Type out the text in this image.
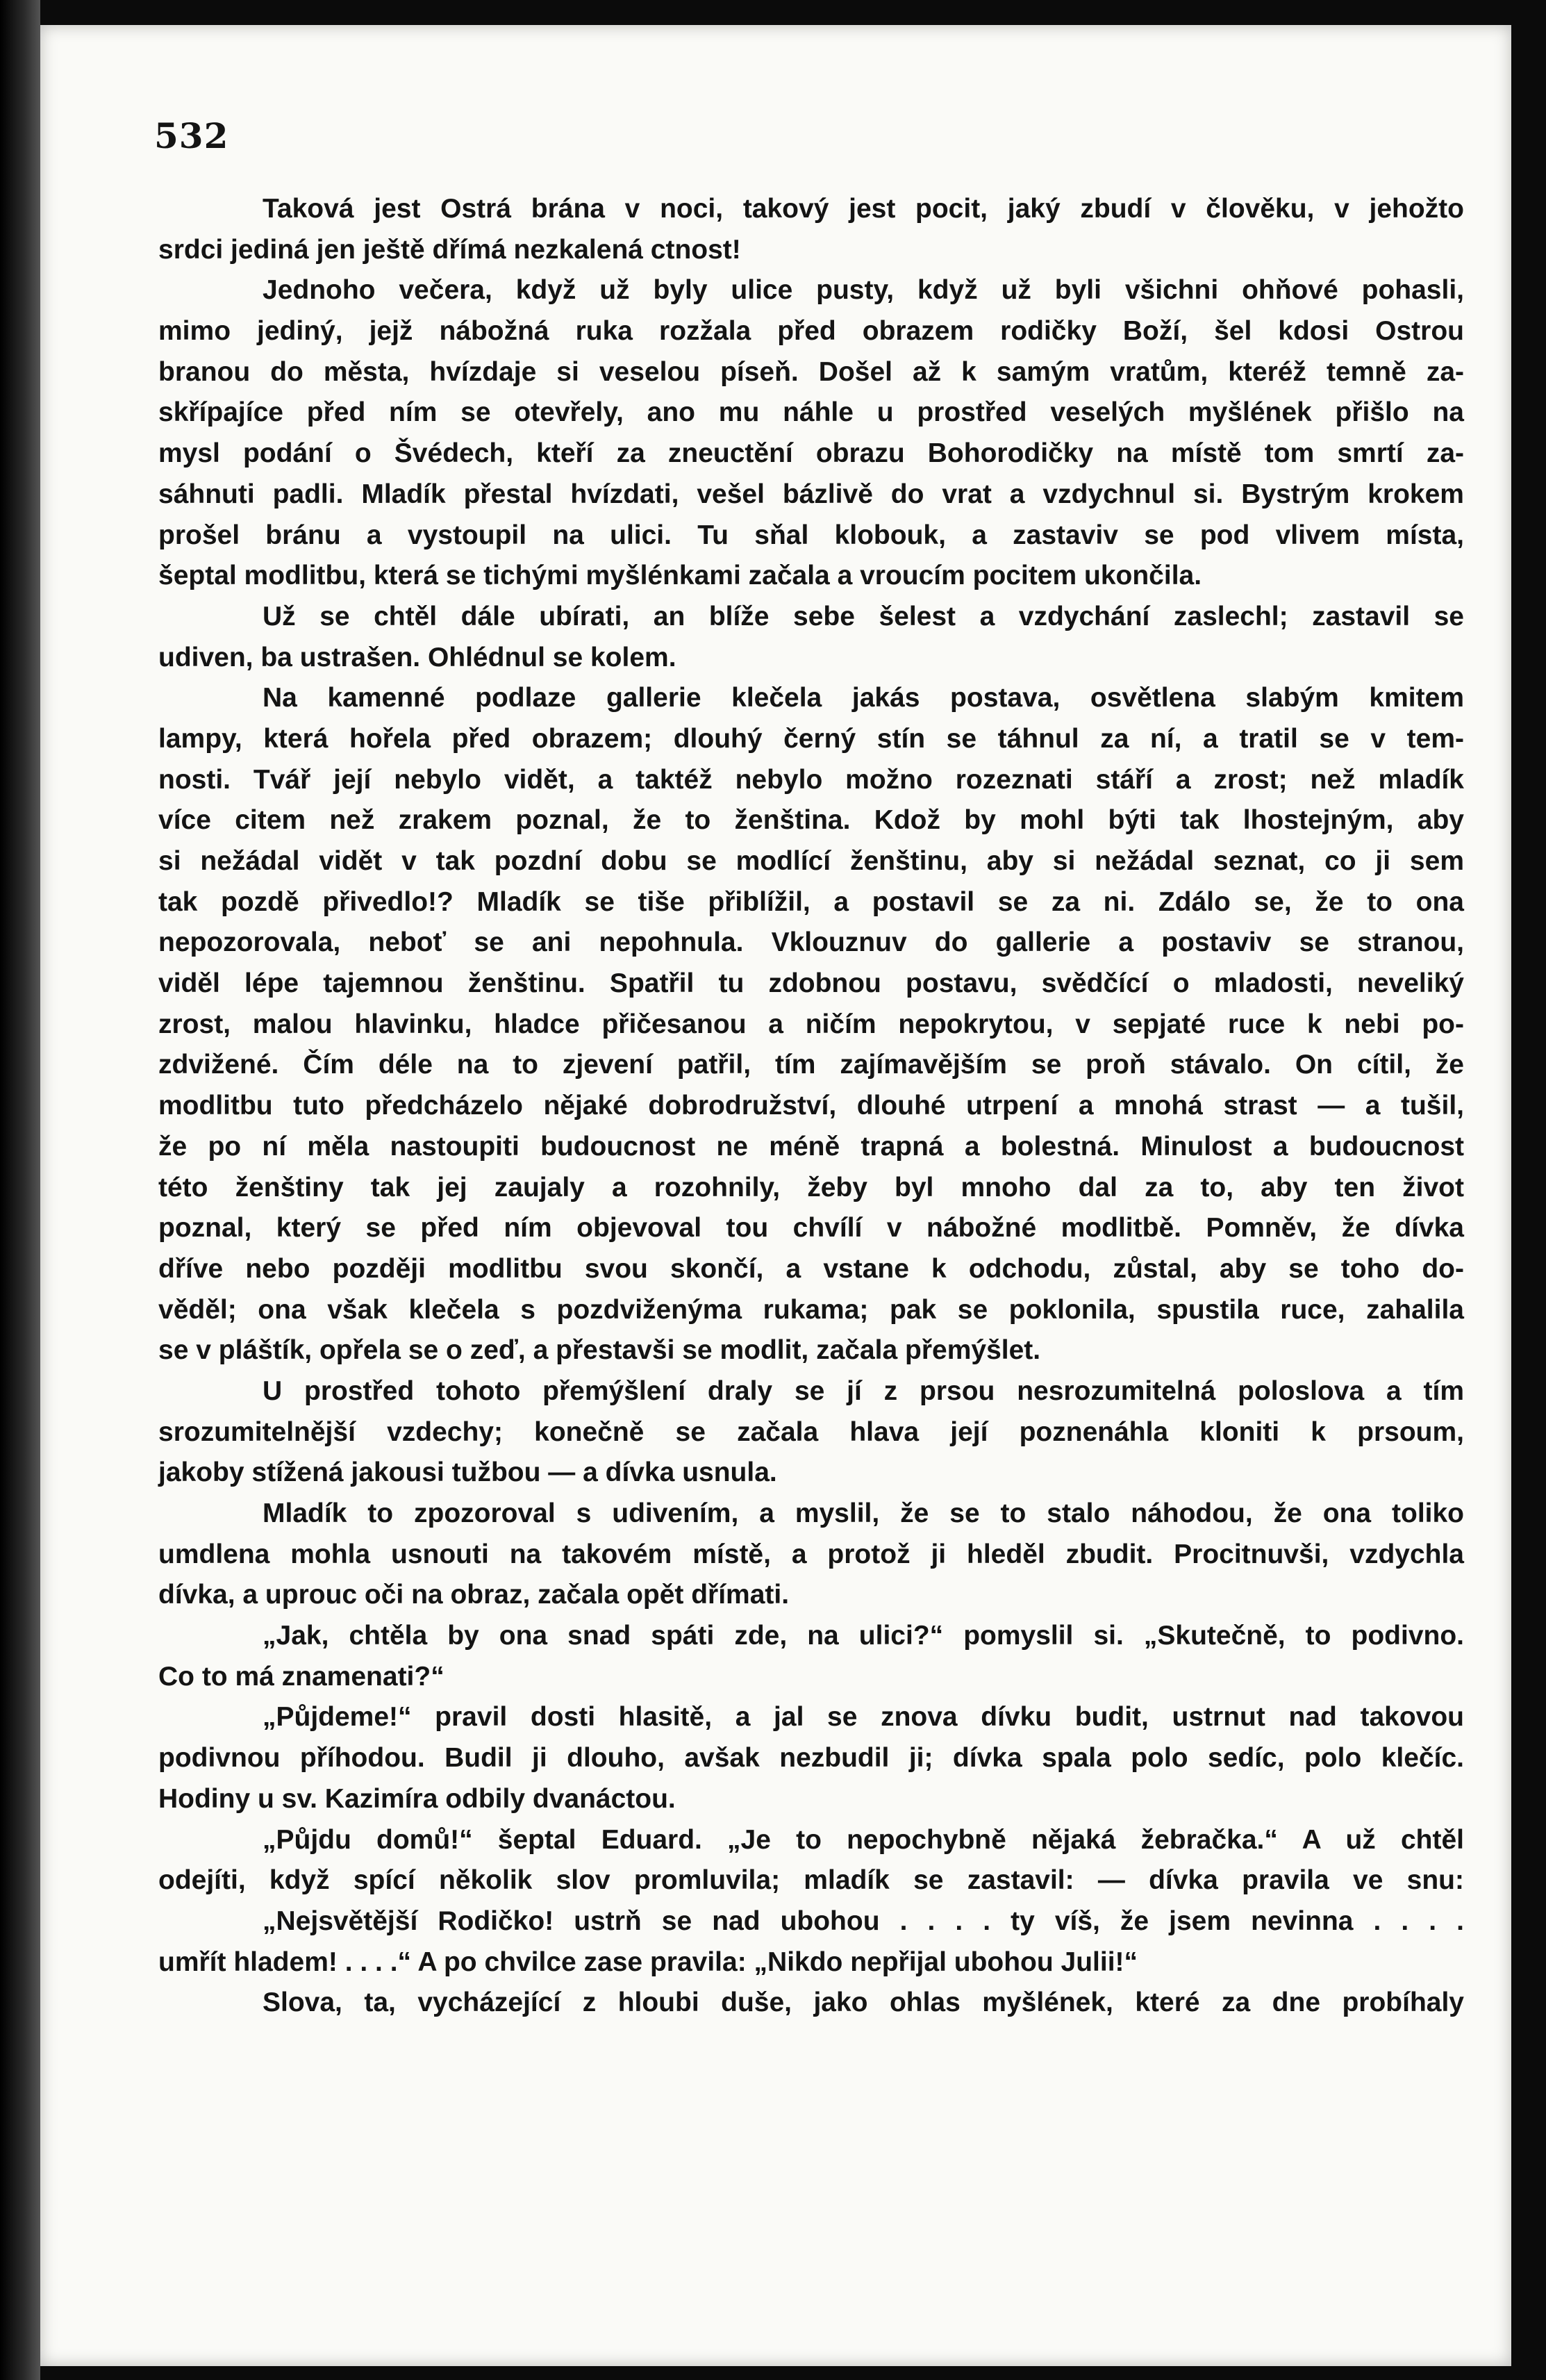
532
Taková jest Ostrá brána v noci, takový jest pocit, jaký zbudí v člověku, v jehožto
srdci jediná jen ještě dřímá nezkalená ctnost!
Jednoho večera, když už byly ulice pusty, když už byli všichni ohňové pohasli,
mimo jediný, jejž nábožná ruka rozžala před obrazem rodičky Boží, šel kdosi Ostrou
branou do města, hvízdaje si veselou píseň. Došel až k samým vratům, kteréž temně za-
skřípajíce před ním se otevřely, ano mu náhle u prostřed veselých myšlének přišlo na
mysl podání o Švédech, kteří za zneuctění obrazu Bohorodičky na místě tom smrtí za-
sáhnuti padli. Mladík přestal hvízdati, vešel bázlivě do vrat a vzdychnul si. Bystrým krokem
prošel bránu a vystoupil na ulici. Tu sňal klobouk, a zastaviv se pod vlivem místa,
šeptal modlitbu, která se tichými myšlénkami začala a vroucím pocitem ukončila.
Už se chtěl dále ubírati, an blíže sebe šelest a vzdychání zaslechl; zastavil se
udiven, ba ustrašen. Ohlédnul se kolem.
Na kamenné podlaze gallerie klečela jakás postava, osvětlena slabým kmitem
lampy, která hořela před obrazem; dlouhý černý stín se táhnul za ní, a tratil se v tem-
nosti. Tvář její nebylo vidět, a taktéž nebylo možno rozeznati stáří a zrost; než mladík
více citem než zrakem poznal, že to ženština. Kdož by mohl býti tak lhostejným, aby
si nežádal vidět v tak pozdní dobu se modlící ženštinu, aby si nežádal seznat, co ji sem
tak pozdě přivedlo!? Mladík se tiše přiblížil, a postavil se za ni. Zdálo se, že to ona
nepozorovala, neboť se ani nepohnula. Vklouznuv do gallerie a postaviv se stranou,
viděl lépe tajemnou ženštinu. Spatřil tu zdobnou postavu, svědčící o mladosti, neveliký
zrost, malou hlavinku, hladce přičesanou a ničím nepokrytou, v sepjaté ruce k nebi po-
zdvižené. Čím déle na to zjevení patřil, tím zajímavějším se proň stávalo. On cítil, že
modlitbu tuto předcházelo nějaké dobrodružství, dlouhé utrpení a mnohá strast — a tušil,
že po ní měla nastoupiti budoucnost ne méně trapná a bolestná. Minulost a budoucnost
této ženštiny tak jej zaujaly a rozohnily, žeby byl mnoho dal za to, aby ten život
poznal, který se před ním objevoval tou chvílí v nábožné modlitbě. Pomněv, že dívka
dříve nebo později modlitbu svou skončí, a vstane k odchodu, zůstal, aby se toho do-
věděl; ona však klečela s pozdviženýma rukama; pak se poklonila, spustila ruce, zahalila
se v pláštík, opřela se o zeď, a přestavši se modlit, začala přemýšlet.
U prostřed tohoto přemýšlení draly se jí z prsou nesrozumitelná poloslova a tím
srozumitelnější vzdechy; konečně se začala hlava její poznenáhla kloniti k prsoum,
jakoby stížená jakousi tužbou — a dívka usnula.
Mladík to zpozoroval s udivením, a myslil, že se to stalo náhodou, že ona toliko
umdlena mohla usnouti na takovém místě, a protož ji hleděl zbudit. Procitnuvši, vzdychla
dívka, a uprouc oči na obraz, začala opět dřímati.
„Jak, chtěla by ona snad spáti zde, na ulici?“ pomyslil si. „Skutečně, to podivno.
Co to má znamenati?“
„Půjdeme!“ pravil dosti hlasitě, a jal se znova dívku budit, ustrnut nad takovou
podivnou příhodou. Budil ji dlouho, avšak nezbudil ji; dívka spala polo sedíc, polo klečíc.
Hodiny u sv. Kazimíra odbily dvanáctou.
„Půjdu domů!“ šeptal Eduard. „Je to nepochybně nějaká žebračka.“ A už chtěl
odejíti, když spící několik slov promluvila; mladík se zastavil: — dívka pravila ve snu:
„Nejsvětější Rodičko! ustrň se nad ubohou . . . . ty víš, že jsem nevinna . . . .
umřít hladem! . . . .“ A po chvilce zase pravila: „Nikdo nepřijal ubohou Julii!“
Slova, ta, vycházející z hloubi duše, jako ohlas myšlének, které za dne probíhaly
